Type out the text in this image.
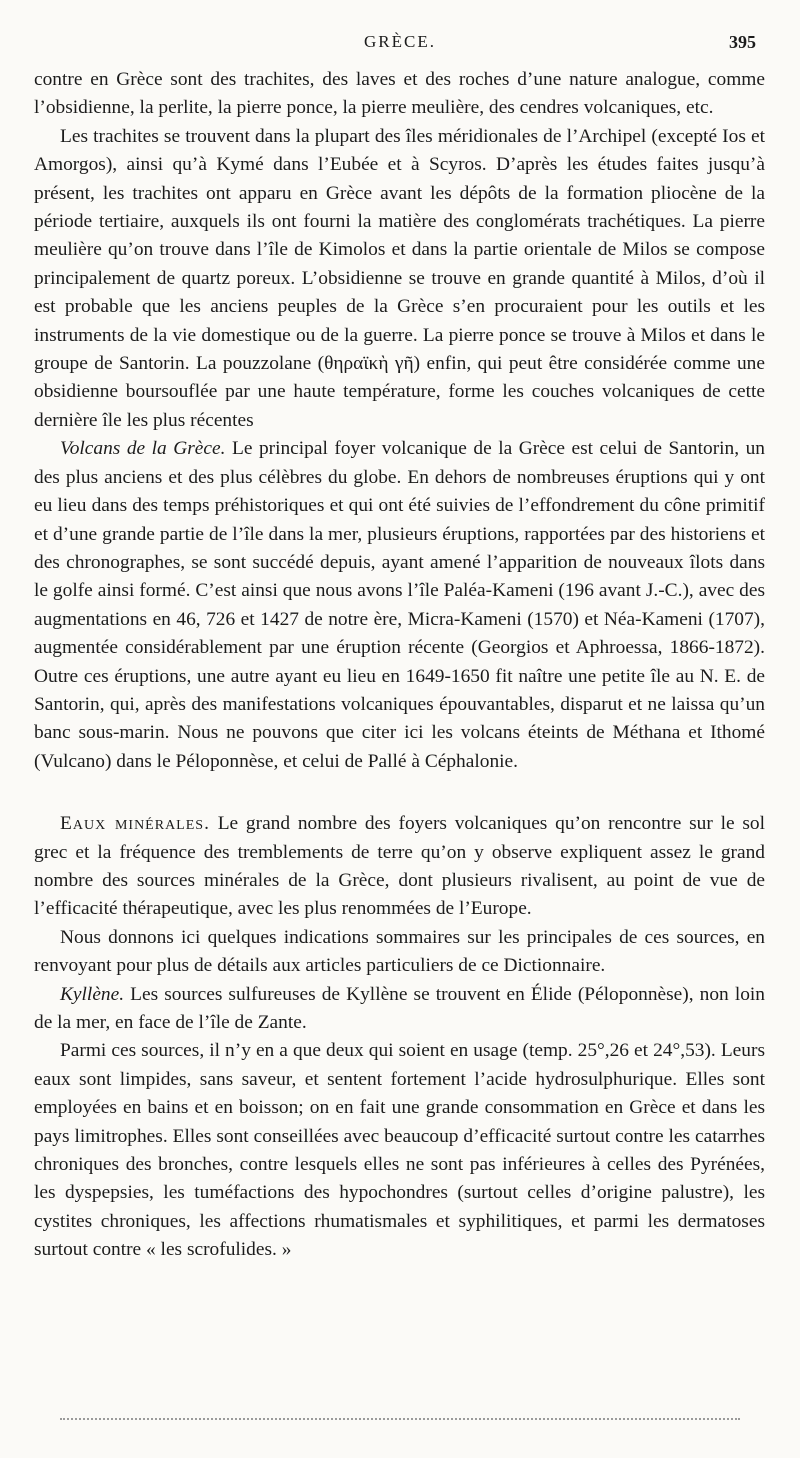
GRÈCE.	395

contre en Grèce sont des trachites, des laves et des roches d’une nature analogue, comme l’obsidienne, la perlite, la pierre ponce, la pierre meulière, des cendres volcaniques, etc.

Les trachites se trouvent dans la plupart des îles méridionales de l’Archipel (excepté Ios et Amorgos), ainsi qu’à Kymé dans l’Eubée et à Scyros. D’après les études faites jusqu’à présent, les trachites ont apparu en Grèce avant les dépôts de la formation pliocène de la période tertiaire, auxquels ils ont fourni la matière des conglomérats trachétiques. La pierre meulière qu’on trouve dans l’île de Kimolos et dans la partie orientale de Milos se compose principalement de quartz poreux. L’obsidienne se trouve en grande quantité à Milos, d’où il est probable que les anciens peuples de la Grèce s’en procuraient pour les outils et les instruments de la vie domestique ou de la guerre. La pierre ponce se trouve à Milos et dans le groupe de Santorin. La pouzzolane (θηραϊκὴ γῆ) enfin, qui peut être considérée comme une obsidienne boursouflée par une haute température, forme les couches volcaniques de cette dernière île les plus récentes

Volcans de la Grèce. Le principal foyer volcanique de la Grèce est celui de Santorin, un des plus anciens et des plus célèbres du globe. En dehors de nombreuses éruptions qui y ont eu lieu dans des temps préhistoriques et qui ont été suivies de l’effondrement du cône primitif et d’une grande partie de l’île dans la mer, plusieurs éruptions, rapportées par des historiens et des chronographes, se sont succédé depuis, ayant amené l’apparition de nouveaux îlots dans le golfe ainsi formé. C’est ainsi que nous avons l’île Paléa-Kameni (196 avant J.-C.), avec des augmentations en 46, 726 et 1427 de notre ère, Micra-Kameni (1570) et Néa-Kameni (1707), augmentée considérablement par une éruption récente (Georgios et Aphroessa, 1866-1872). Outre ces éruptions, une autre ayant eu lieu en 1649-1650 fit naître une petite île au N. E. de Santorin, qui, après des manifestations volcaniques épouvantables, disparut et ne laissa qu’un banc sous-marin. Nous ne pouvons que citer ici les volcans éteints de Méthana et Ithomé (Vulcano) dans le Péloponnèse, et celui de Pallé à Céphalonie.

Eaux minérales. Le grand nombre des foyers volcaniques qu’on rencontre sur le sol grec et la fréquence des tremblements de terre qu’on y observe expliquent assez le grand nombre des sources minérales de la Grèce, dont plusieurs rivalisent, au point de vue de l’efficacité thérapeutique, avec les plus renommées de l’Europe.

Nous donnons ici quelques indications sommaires sur les principales de ces sources, en renvoyant pour plus de détails aux articles particuliers de ce Dictionnaire.

Kyllène. Les sources sulfureuses de Kyllène se trouvent en Élide (Péloponnèse), non loin de la mer, en face de l’île de Zante.

Parmi ces sources, il n’y en a que deux qui soient en usage (temp. 25°,26 et 24°,53). Leurs eaux sont limpides, sans saveur, et sentent fortement l’acide hydrosulphurique. Elles sont employées en bains et en boisson; on en fait une grande consommation en Grèce et dans les pays limitrophes. Elles sont conseillées avec beaucoup d’efficacité surtout contre les catarrhes chroniques des bronches, contre lesquels elles ne sont pas inférieures à celles des Pyrénées, les dyspepsies, les tuméfactions des hypochondres (surtout celles d’origine palustre), les cystites chroniques, les affections rhumatismales et syphilitiques, et parmi les dermatoses surtout contre « les scrofulides. »
